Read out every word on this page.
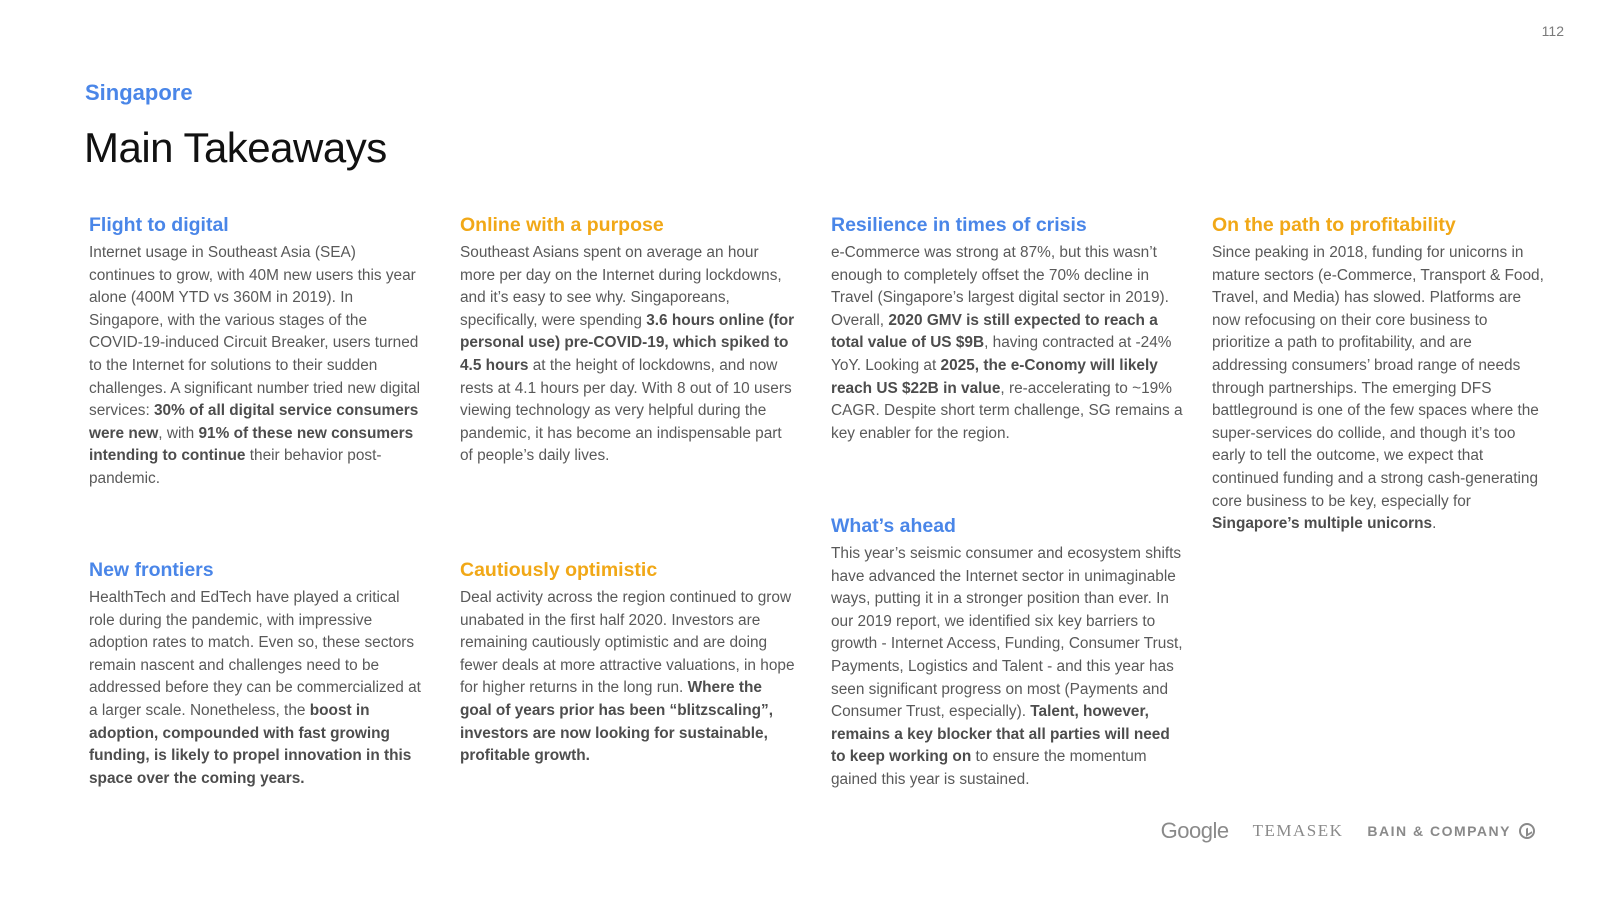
112
Singapore
Main Takeaways
Flight to digital

Internet usage in Southeast Asia (SEA) continues to grow, with 40M new users this year alone (400M YTD vs 360M in 2019). In Singapore, with the various stages of the COVID-19-induced Circuit Breaker, users turned to the Internet for solutions to their sudden challenges. A significant number tried new digital services: 30% of all digital service consumers were new, with 91% of these new consumers intending to continue their behavior post-pandemic.

New frontiers

HealthTech and EdTech have played a critical role during the pandemic, with impressive adoption rates to match. Even so, these sectors remain nascent and challenges need to be addressed before they can be commercialized at a larger scale. Nonetheless, the boost in adoption, compounded with fast growing funding, is likely to propel innovation in this space over the coming years.

Online with a purpose

Southeast Asians spent on average an hour more per day on the Internet during lockdowns, and it’s easy to see why. Singaporeans, specifically, were spending 3.6 hours online (for personal use) pre-COVID-19, which spiked to 4.5 hours at the height of lockdowns, and now rests at 4.1 hours per day. With 8 out of 10 users viewing technology as very helpful during the pandemic, it has become an indispensable part of people’s daily lives.

Cautiously optimistic

Deal activity across the region continued to grow unabated in the first half 2020. Investors are remaining cautiously optimistic and are doing fewer deals at more attractive valuations, in hope for higher returns in the long run. Where the goal of years prior has been “blitzscaling”, investors are now looking for sustainable, profitable growth.

Resilience in times of crisis

e-Commerce was strong at 87%, but this wasn’t enough to completely offset the 70% decline in Travel (Singapore’s largest digital sector in 2019). Overall, 2020 GMV is still expected to reach a total value of US $9B, having contracted at -24% YoY. Looking at 2025, the e-Conomy will likely reach US $22B in value, re-accelerating to ~19% CAGR. Despite short term challenge, SG remains a key enabler for the region.

What’s ahead

This year’s seismic consumer and ecosystem shifts have advanced the Internet sector in unimaginable ways, putting it in a stronger position than ever. In our 2019 report, we identified six key barriers to growth - Internet Access, Funding, Consumer Trust, Payments, Logistics and Talent - and this year has seen significant progress on most (Payments and Consumer Trust, especially). Talent, however, remains a key blocker that all parties will need to keep working on to ensure the momentum gained this year is sustained.

On the path to profitability

Since peaking in 2018, funding for unicorns in mature sectors (e-Commerce, Transport & Food, Travel, and Media) has slowed. Platforms are now refocusing on their core business to prioritize a path to profitability, and are addressing consumers’ broad range of needs through partnerships. The emerging DFS battleground is one of the few spaces where the super-services do collide, and though it’s too early to tell the outcome, we expect that continued funding and a strong cash-generating core business to be key, especially for Singapore’s multiple unicorns.

Google TEMASEK BAIN & COMPANY
